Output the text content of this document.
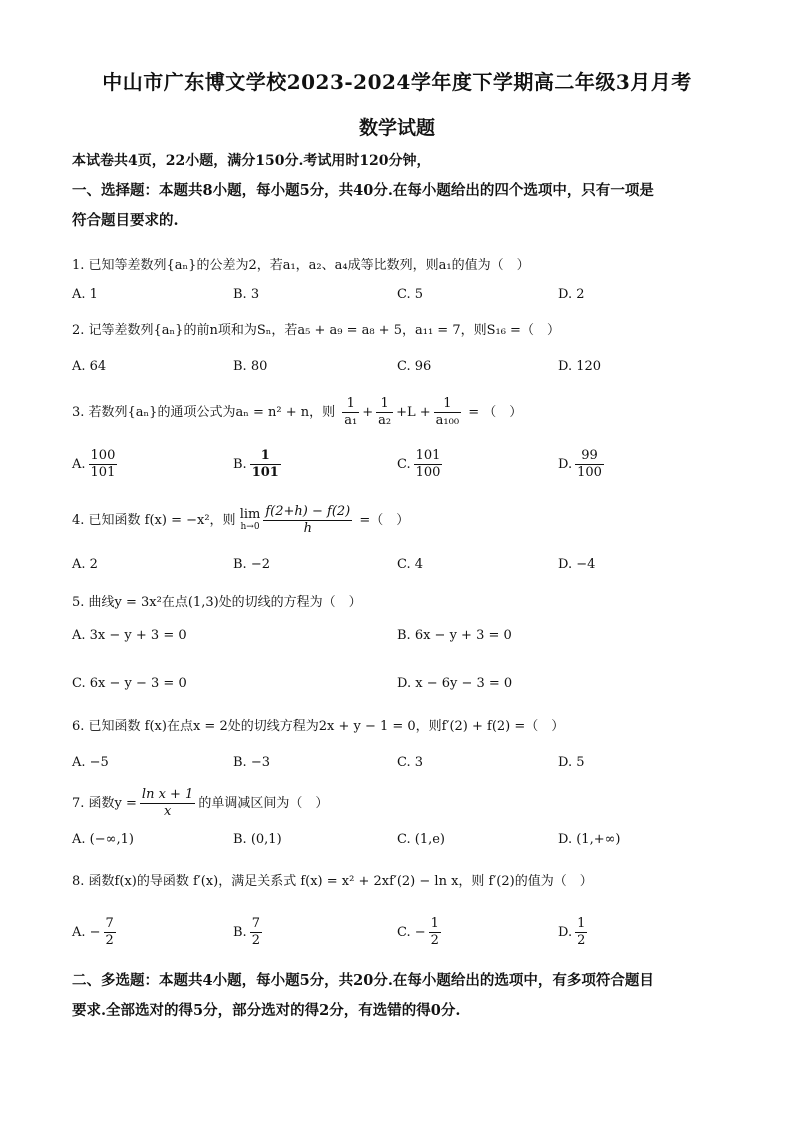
中山市广东博文学校2023-2024学年度下学期高二年级3月月考
数学试题
本试卷共4页，22小题，满分150分.考试用时120分钟，
一、选择题：本题共8小题，每小题5分，共40分.在每小题给出的四个选项中，只有一项是
符合题目要求的.
1. 已知等差数列{aₙ}的公差为2，若a₁，a₂、a₄成等比数列，则a₁的值为（　）
A. 1	B. 3	C. 5	D. 2
2. 记等差数列{aₙ}的前n项和为Sₙ，若a₅ + a₉ = a₈ + 5，a₁₁ = 7，则S₁₆ =（　）
A. 64	B. 80	C. 96	D. 120
3. 若数列{aₙ}的通项公式为aₙ = n² + n，则 $\frac{1}{\text{a₁}} + \frac{1}{\text{a₂}} +L + \frac{1}{\text{a₁₀₀}}$ = （　）
A. $\frac{100}{101}$	B. $\frac{1}{101}$	C. $\frac{101}{100}$	D. $\frac{99}{100}$
4. 已知函数 f(x) = −x²，则 lim
$h\to 0 \frac{f(2+h) - f(2)}{h}$ =（　）
A. 2	B. −2	C. 4	D. −4
5. 曲线y = 3x²在点(1,3)处的切线的方程为（　）
A. 3x − y + 3 = 0	B. 6x − y + 3 = 0
C. 6x − y − 3 = 0	D. x − 6y − 3 = 0
6. 已知函数 f(x)在点x = 2处的切线方程为2x + y − 1 = 0，则f′(2) + f(2) =（　）
A. −5	B. −3	C. 3	D. 5
7. 函数$y = \frac{\text{ln x + 1}}{x}$ 的单调减区间为（　）
A. (−∞,1)	B. (0,1)	C. (1,e)	D. (1,+∞)
8. 函数f(x)的导函数 f′(x)，满足关系式 f(x) = x² + 2xf′(2) − ln x，则 f′(2)的值为（　）
A. − $\frac{7}{2}$	B. $\frac{7}{2}$	C. − $\frac{1}{2}$	D. $\frac{1}{2}$
二、多选题：本题共4小题，每小题5分，共20分.在每小题给出的选项中，有多项符合题目
要求.全部选对的得5分，部分选对的得2分，有选错的得0分.
